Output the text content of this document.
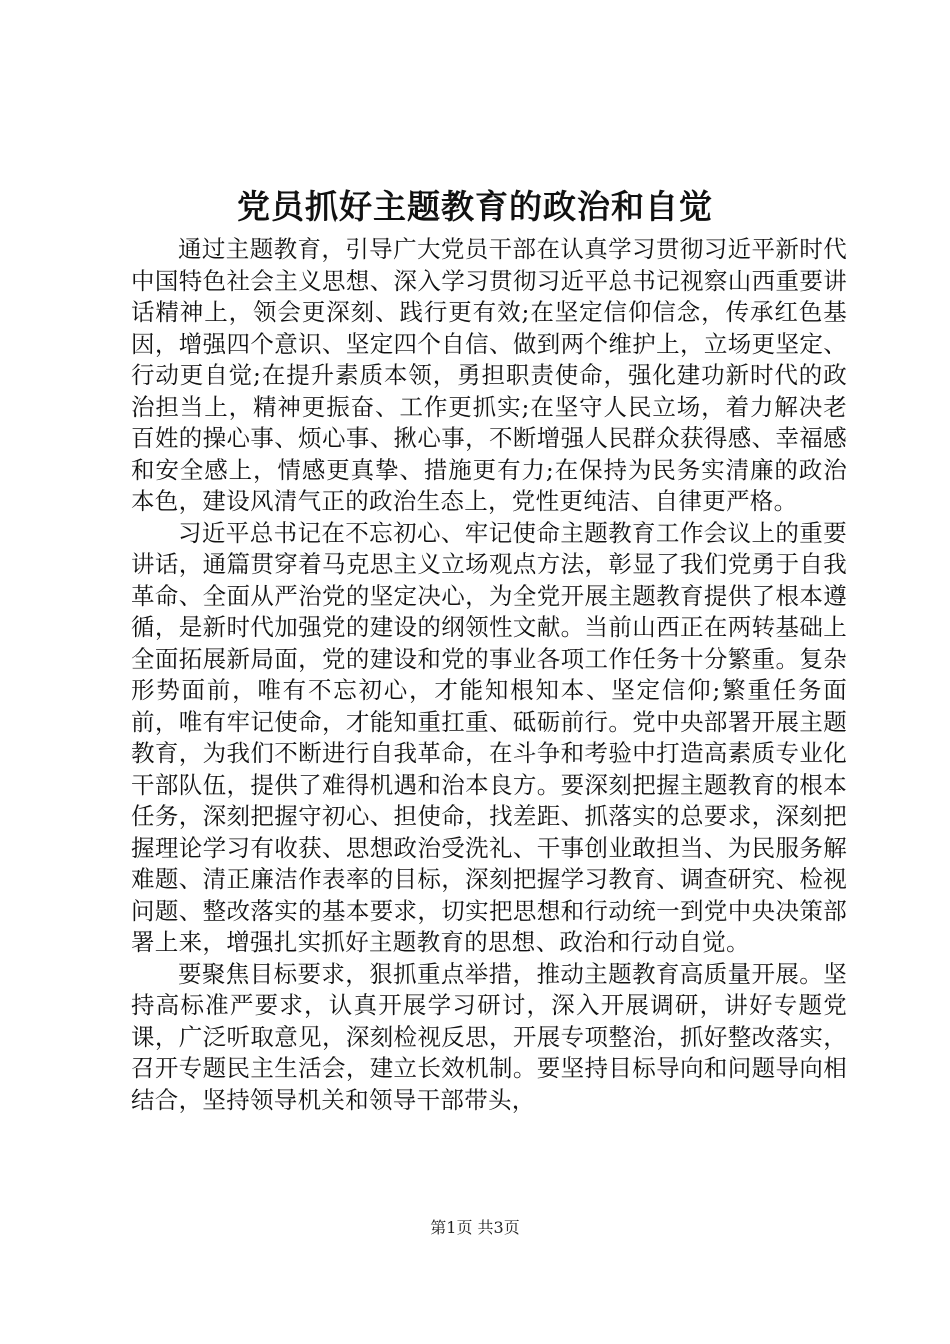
党员抓好主题教育的政治和自觉

通过主题教育，引导广大党员干部在认真学习贯彻习近平新时代中国特色社会主义思想、深入学习贯彻习近平总书记视察山西重要讲话精神上，领会更深刻、践行更有效;在坚定信仰信念，传承红色基因，增强四个意识、坚定四个自信、做到两个维护上，立场更坚定、行动更自觉;在提升素质本领，勇担职责使命，强化建功新时代的政治担当上，精神更振奋、工作更抓实;在坚守人民立场，着力解决老百姓的操心事、烦心事、揪心事，不断增强人民群众获得感、幸福感和安全感上，情感更真挚、措施更有力;在保持为民务实清廉的政治本色，建设风清气正的政治生态上，党性更纯洁、自律更严格。

习近平总书记在不忘初心、牢记使命主题教育工作会议上的重要讲话，通篇贯穿着马克思主义立场观点方法，彰显了我们党勇于自我革命、全面从严治党的坚定决心，为全党开展主题教育提供了根本遵循，是新时代加强党的建设的纲领性文献。当前山西正在两转基础上全面拓展新局面，党的建设和党的事业各项工作任务十分繁重。复杂形势面前，唯有不忘初心，才能知根知本、坚定信仰;繁重任务面前，唯有牢记使命，才能知重扛重、砥砺前行。党中央部署开展主题教育，为我们不断进行自我革命，在斗争和考验中打造高素质专业化干部队伍，提供了难得机遇和治本良方。要深刻把握主题教育的根本任务，深刻把握守初心、担使命，找差距、抓落实的总要求，深刻把握理论学习有收获、思想政治受洗礼、干事创业敢担当、为民服务解难题、清正廉洁作表率的目标，深刻把握学习教育、调查研究、检视问题、整改落实的基本要求，切实把思想和行动统一到党中央决策部署上来，增强扎实抓好主题教育的思想、政治和行动自觉。

要聚焦目标要求，狠抓重点举措，推动主题教育高质量开展。坚持高标准严要求，认真开展学习研讨，深入开展调研，讲好专题党课，广泛听取意见，深刻检视反思，开展专项整治，抓好整改落实，召开专题民主生活会，建立长效机制。要坚持目标导向和问题导向相结合，坚持领导机关和领导干部带头，

第1页 共3页
